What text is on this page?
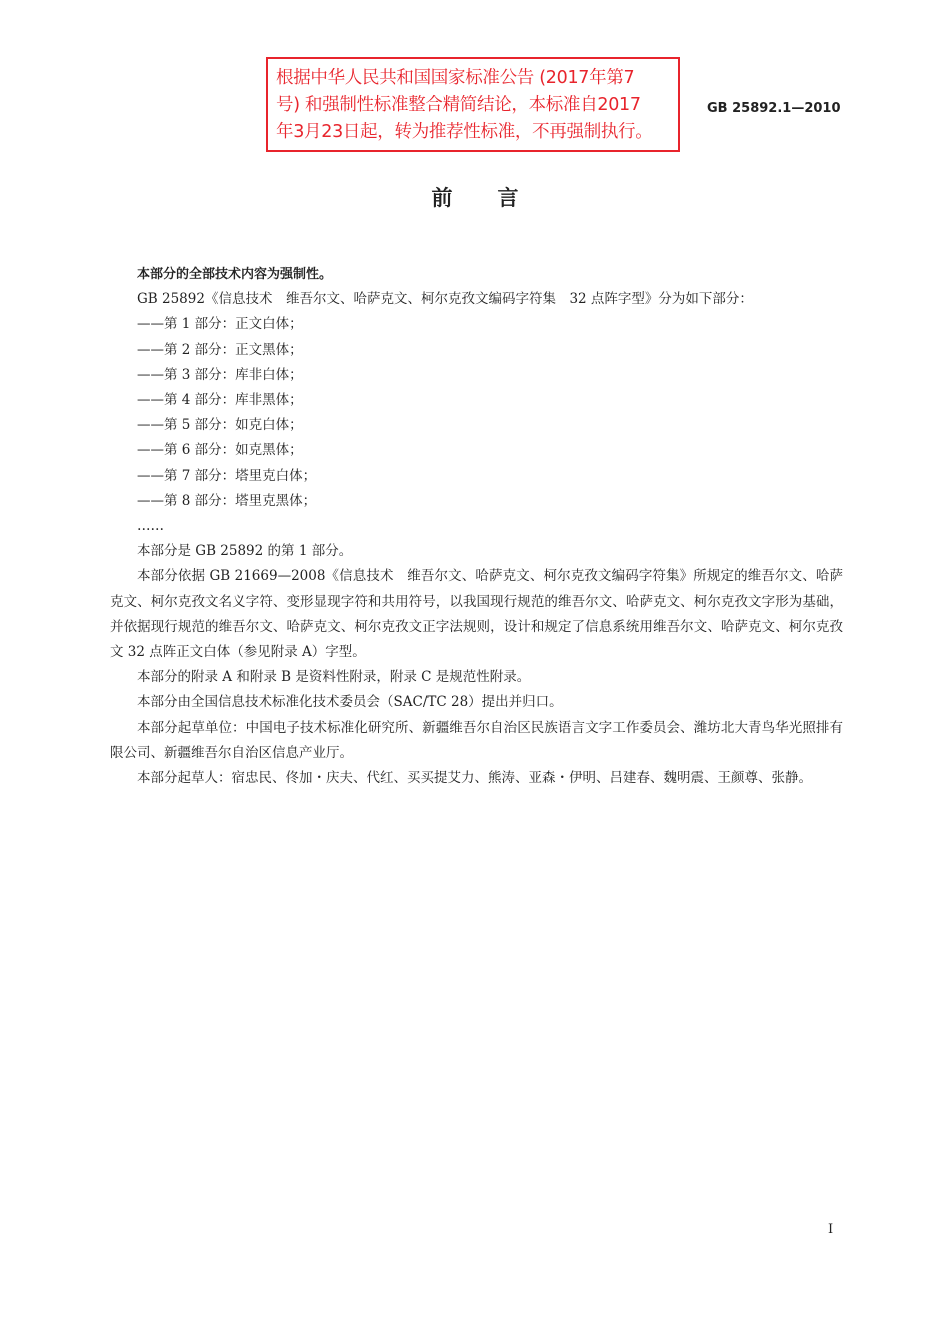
根据中华人民共和国国家标准公告 (2017年第7
号) 和强制性标准整合精简结论，本标准自2017
年3月23日起，转为推荐性标准，不再强制执行。
GB 25892.1—2010
前言

本部分的全部技术内容为强制性。

GB 25892《信息技术　维吾尔文、哈萨克文、柯尔克孜文编码字符集　32 点阵字型》分为如下部分：

——第 1 部分：正文白体；

——第 2 部分：正文黑体；

——第 3 部分：库非白体；

——第 4 部分：库非黑体；

——第 5 部分：如克白体；

——第 6 部分：如克黑体；

——第 7 部分：塔里克白体；

——第 8 部分：塔里克黑体；

……

本部分是 GB 25892 的第 1 部分。

本部分依据 GB 21669—2008《信息技术　维吾尔文、哈萨克文、柯尔克孜文编码字符集》所规定的维吾尔文、哈萨克文、柯尔克孜文名义字符、变形显现字符和共用符号，以我国现行规范的维吾尔文、哈萨克文、柯尔克孜文字形为基础，并依据现行规范的维吾尔文、哈萨克文、柯尔克孜文正字法规则，设计和规定了信息系统用维吾尔文、哈萨克文、柯尔克孜文 32 点阵正文白体（参见附录 A）字型。

本部分的附录 A 和附录 B 是资料性附录，附录 C 是规范性附录。

本部分由全国信息技术标准化技术委员会（SAC/TC 28）提出并归口。

本部分起草单位：中国电子技术标准化研究所、新疆维吾尔自治区民族语言文字工作委员会、潍坊北大青鸟华光照排有限公司、新疆维吾尔自治区信息产业厅。

本部分起草人：宿忠民、佟加・庆夫、代红、买买提艾力、熊涛、亚森・伊明、吕建春、魏明震、王颜尊、张静。

I
